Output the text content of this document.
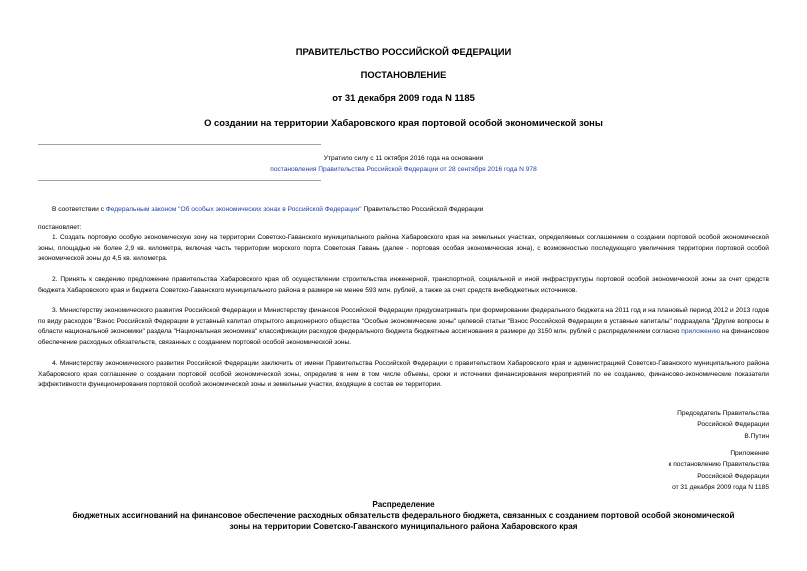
ПРАВИТЕЛЬСТВО РОССИЙСКОЙ ФЕДЕРАЦИИ
ПОСТАНОВЛЕНИЕ
от 31 декабря 2009 года N 1185
О создании на территории Хабаровского края портовой особой экономической зоны
Утратило силу с 11 октября 2016 года на основании
постановления Правительства Российской Федерации от 28 сентября 2016 года N 978
В соответствии с Федеральным законом "Об особых экономических зонах в Российской Федерации" Правительство Российской Федерации
постановляет:
1. Создать портовую особую экономическую зону на территории Советско-Гаванского муниципального района Хабаровского края на земельных участках, определяемых соглашением о создании портовой особой экономической зоны, площадью не более 2,9 кв. километра, включая часть территории морского порта Советская Гавань (далее - портовая особая экономическая зона), с возможностью последующего увеличения территории портовой особой экономической зоны до 4,5 кв. километра.
2. Принять к сведению предложение правительства Хабаровского края об осуществлении строительства инженерной, транспортной, социальной и иной инфраструктуры портовой особой экономической зоны за счет средств бюджета Хабаровского края и бюджета Советско-Гаванского муниципального района в размере не менее 593 млн. рублей, а также за счет средств внебюджетных источников.
3. Министерству экономического развития Российской Федерации и Министерству финансов Российской Федерации предусматривать при формировании федерального бюджета на 2011 год и на плановый период 2012 и 2013 годов по виду расходов "Взнос Российской Федерации в уставный капитал открытого акционерного общества "Особые экономические зоны" целевой статьи "Взнос Российской Федерации в уставные капиталы" подраздела "Другие вопросы в области национальной экономики" раздела "Национальная экономика" классификации расходов федерального бюджета бюджетные ассигнования в размере до 3150 млн. рублей с распределением согласно приложению на финансовое обеспечение расходных обязательств, связанных с созданием портовой особой экономической зоны.
4. Министерству экономического развития Российской Федерации заключить от имени Правительства Российской Федерации с правительством Хабаровского края и администрацией Советско-Гаванского муниципального района Хабаровского края соглашение о создании портовой особой экономической зоны, определив в нем в том числе объемы, сроки и источники финансирования мероприятий по ее созданию, финансово-экономические показатели эффективности функционирования портовой особой экономической зоны и земельные участки, входящие в состав ее территории.
Председатель Правительства
Российской Федерации
В.Путин
Приложение
к постановлению Правительства
Российской Федерации
от 31 декабря 2009 года N 1185
Распределение
бюджетных ассигнований на финансовое обеспечение расходных обязательств федерального бюджета, связанных с созданием портовой особой экономической
зоны на территории Советско-Гаванского муниципального района Хабаровского края
